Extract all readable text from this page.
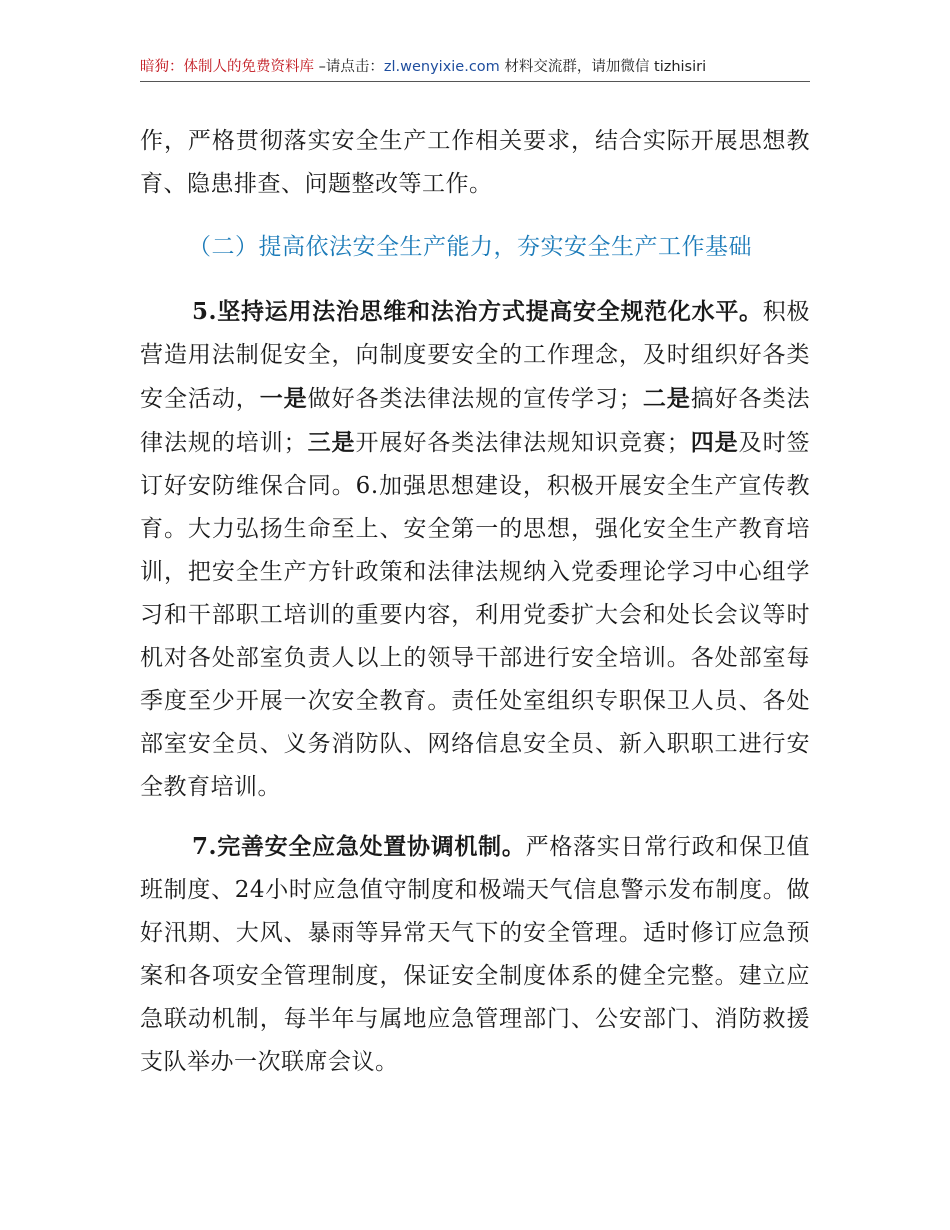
暗狗：体制人的免费资料库 –请点击：zl.wenyixie.com 材料交流群，请加微信 tizhisiri
作，严格贯彻落实安全生产工作相关要求，结合实际开展思想教育、隐患排查、问题整改等工作。
（二）提高依法安全生产能力，夯实安全生产工作基础
5.坚持运用法治思维和法治方式提高安全规范化水平。积极营造用法制促安全，向制度要安全的工作理念，及时组织好各类安全活动，一是做好各类法律法规的宣传学习；二是搞好各类法律法规的培训；三是开展好各类法律法规知识竞赛；四是及时签订好安防维保合同。6.加强思想建设，积极开展安全生产宣传教育。大力弘扬生命至上、安全第一的思想，强化安全生产教育培训，把安全生产方针政策和法律法规纳入党委理论学习中心组学习和干部职工培训的重要内容，利用党委扩大会和处长会议等时机对各处部室负责人以上的领导干部进行安全培训。各处部室每季度至少开展一次安全教育。责任处室组织专职保卫人员、各处部室安全员、义务消防队、网络信息安全员、新入职职工进行安全教育培训。
7.完善安全应急处置协调机制。严格落实日常行政和保卫值班制度、24小时应急值守制度和极端天气信息警示发布制度。做好汛期、大风、暴雨等异常天气下的安全管理。适时修订应急预案和各项安全管理制度，保证安全制度体系的健全完整。建立应急联动机制，每半年与属地应急管理部门、公安部门、消防救援支队举办一次联席会议。
